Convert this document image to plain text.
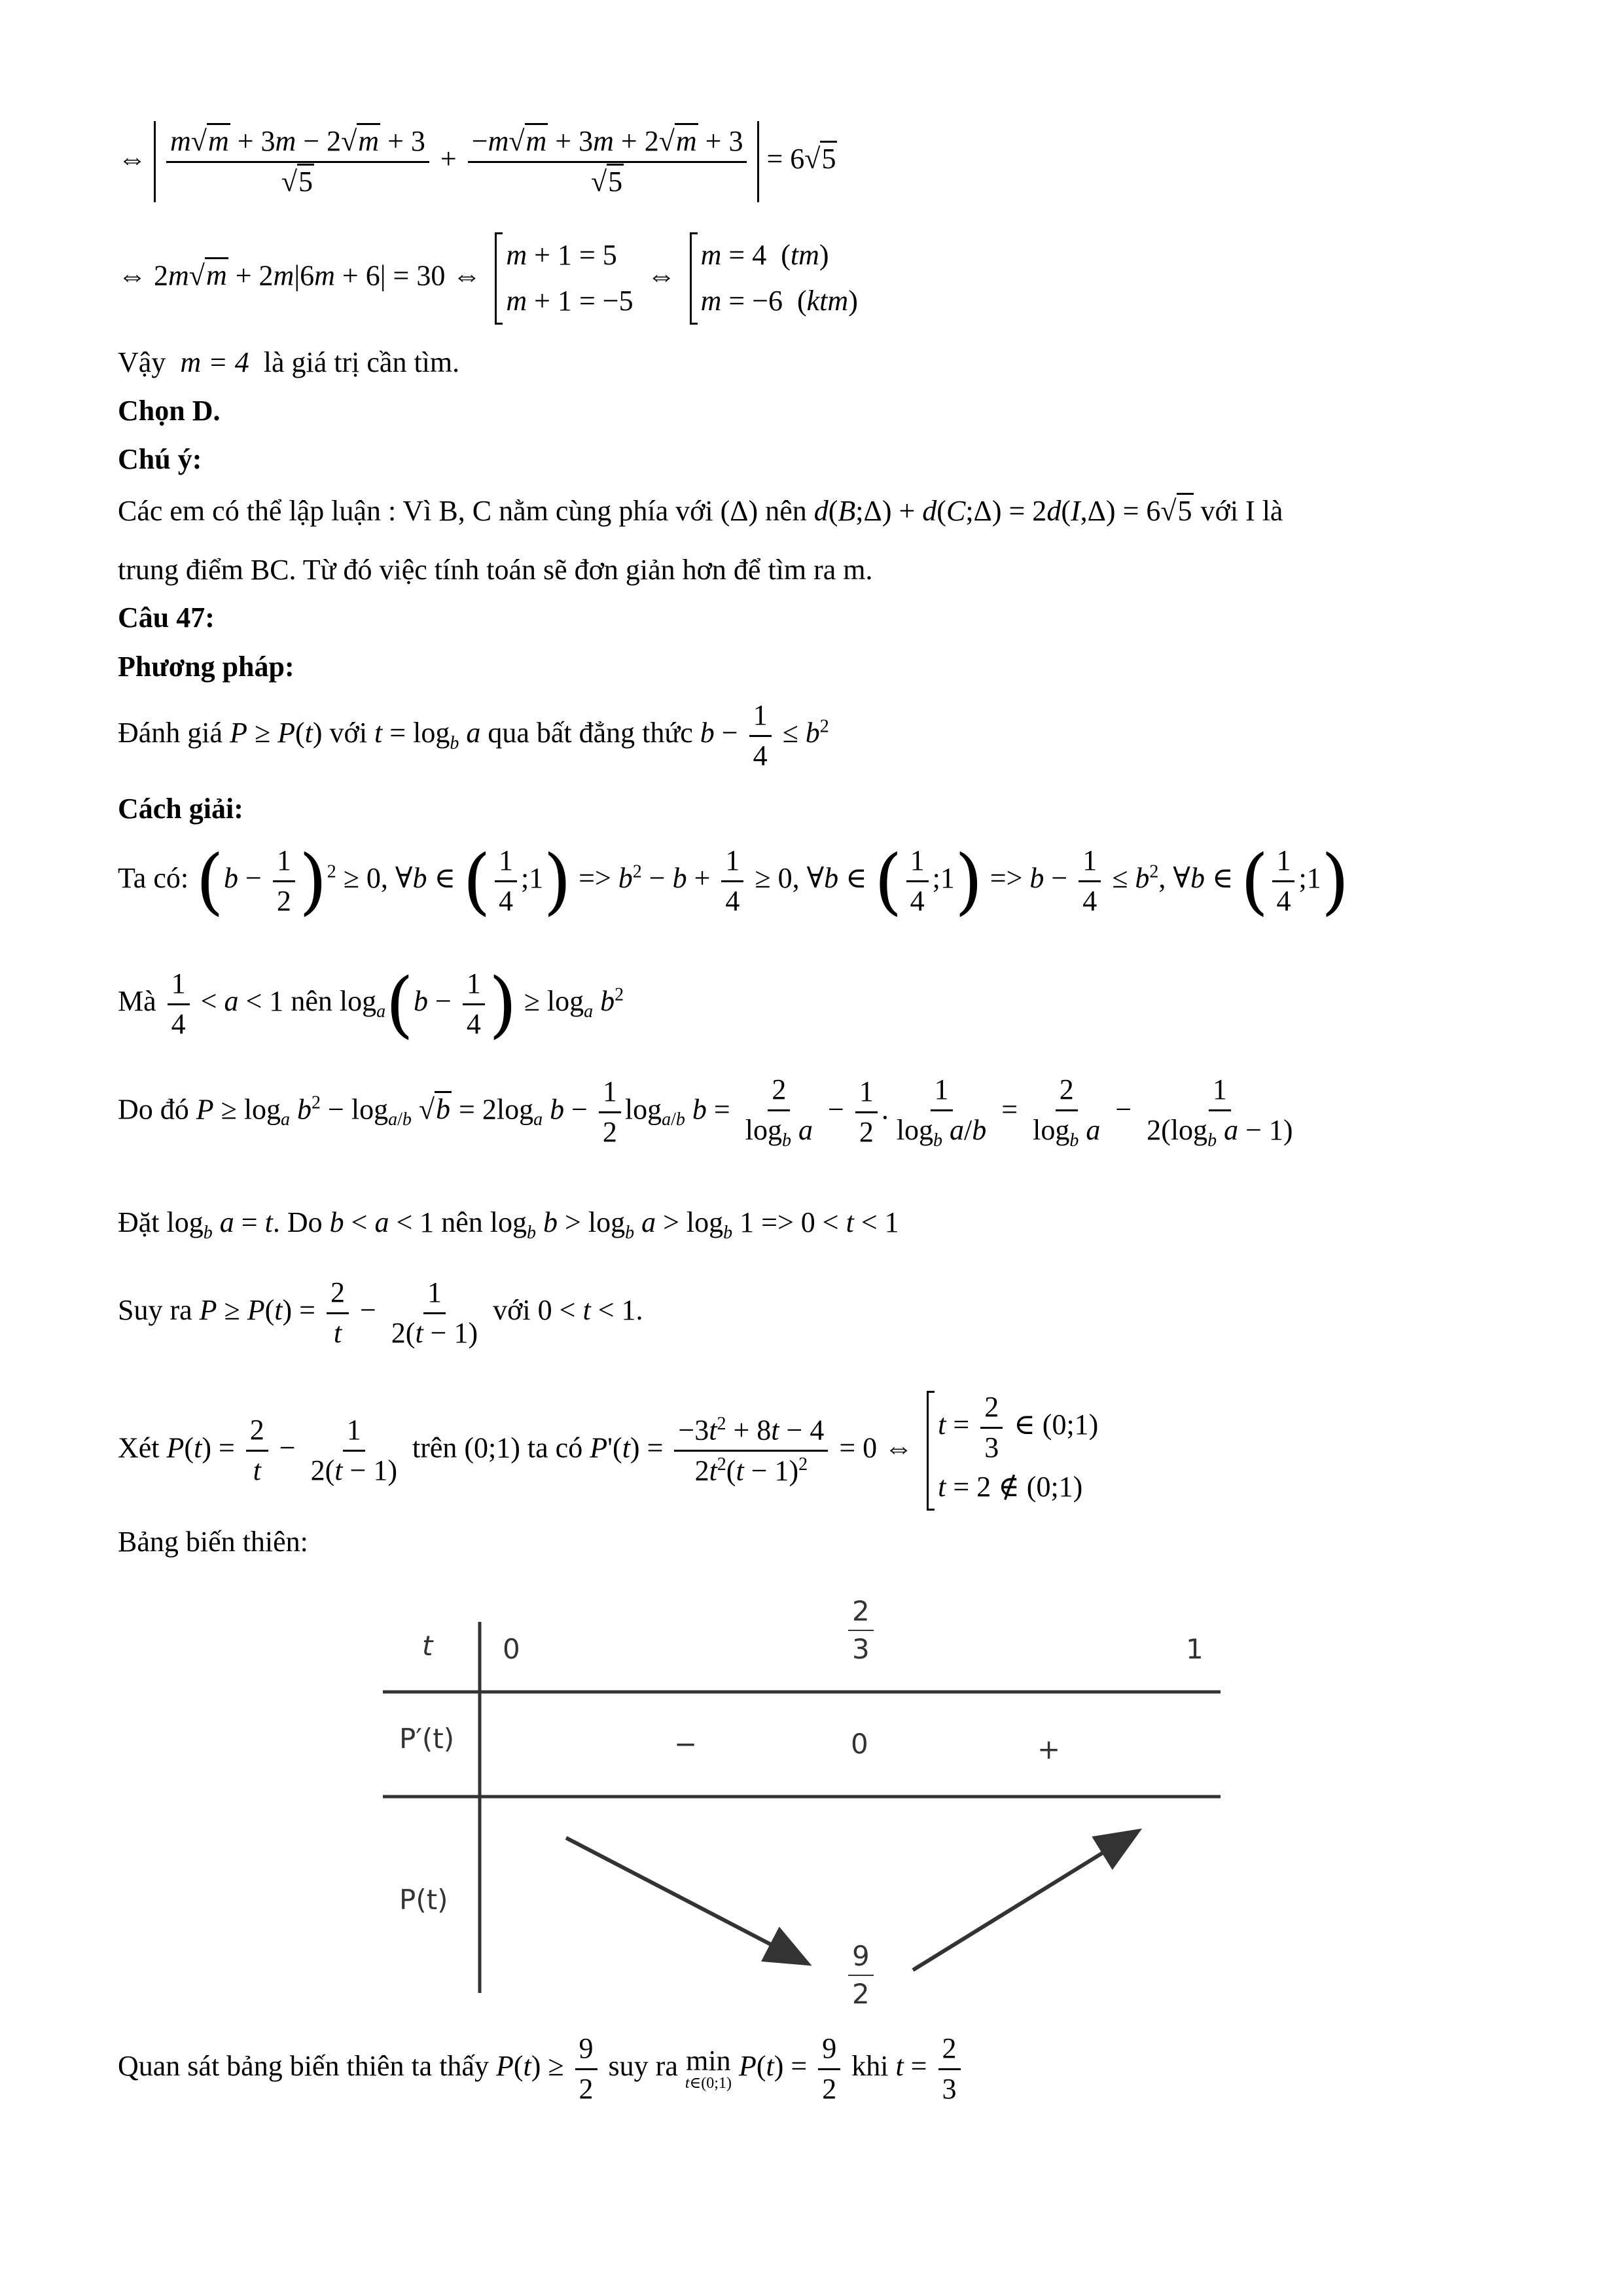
⇔ $\frac{m√m + 3m - 2√m + 3}{√5} + \frac{-m√m + 3m + 2√m + 3}{√5} = 6√5$
⇔ 2m√m + 2m|6m + 6| = 30 ⇔
m + 1 = 5
m + 1 = −5
⇔
m = 4  (tm)
m = −6  (ktm)
Vậy m = 4 là giá trị cần tìm.
Chọn D.
Chú ý:
Các em có thể lập luận : Vì B, C nằm cùng phía với (Δ) nên d(B;Δ) + d(C;Δ) = 2d(I,Δ) = 6√5 với I là
trung điểm BC. Từ đó việc tính toán sẽ đơn giản hơn để tìm ra m.
Câu 47:
Phương pháp:
Đánh giá P ≥ P(t) với $t = \log_b a$ qua bất đẳng thức $b - \frac{1}{4} \le b^2$
Cách giải:
Ta có: $(b - \frac{1}{2} )^2 \ge 0$, ∀b ∈ ( $\frac{1}{4}$ ;1) => $b^2 - b + \frac{1}{4} \ge 0$, ∀b ∈ ( $\frac{1}{4}$ ;1) => $b - \frac{1}{4} \le b^2$, ∀b ∈ ( $\frac{1}{4}$ ;1)
Mà $\frac{1}{4} < a < 1$ nên $\log_a(b - \frac{1}{4}$ ) ≥ $\log_a b^2$
Do đó $P \ge \log_a b^2 - \log_{a/b} √b = 2\log_a$ $b - \frac{1}{2} \log_{a/b} b = \frac{2}{\log_b a} - \frac{1}{2}$ . $\frac{1}{\log_b a/b} = \frac{2}{\log_b a} - \frac{1}{2(\log_b a - 1)}$
Đặt $\log_b a = t$. Do b < a < 1 nên $\log_b b > \log_b a > \log_b 1 => 0 < t < 1$
Suy ra $P \ge P(t) = \frac{2}{t} - \frac{1}{2(t - 1)}$ với 0 < t < 1.
Xét $P(t) = \frac{2}{t} - \frac{1}{2(t - 1)}$ trên (0;1) ta có $P'(t) = \frac{-3t^2 + 8t - 4}{2t^2(t - 1)^2} = 0$ ⇔
$t = \frac{2}{3}$ ∈ (0;1)
t = 2 ∉ (0;1)
Bảng biến thiên:
t	0	$\frac{2}{3}$	1
P′(t)	−	0	+
P(t)
$\frac{9}{2}$
Quan sát bảng biến thiên ta thấy $P(t) \ge \frac{9}{2}$ suy ra min
t∈(0;1)
$P(t) = \frac{9}{2}$ khi $t = \frac{2}{3}$
